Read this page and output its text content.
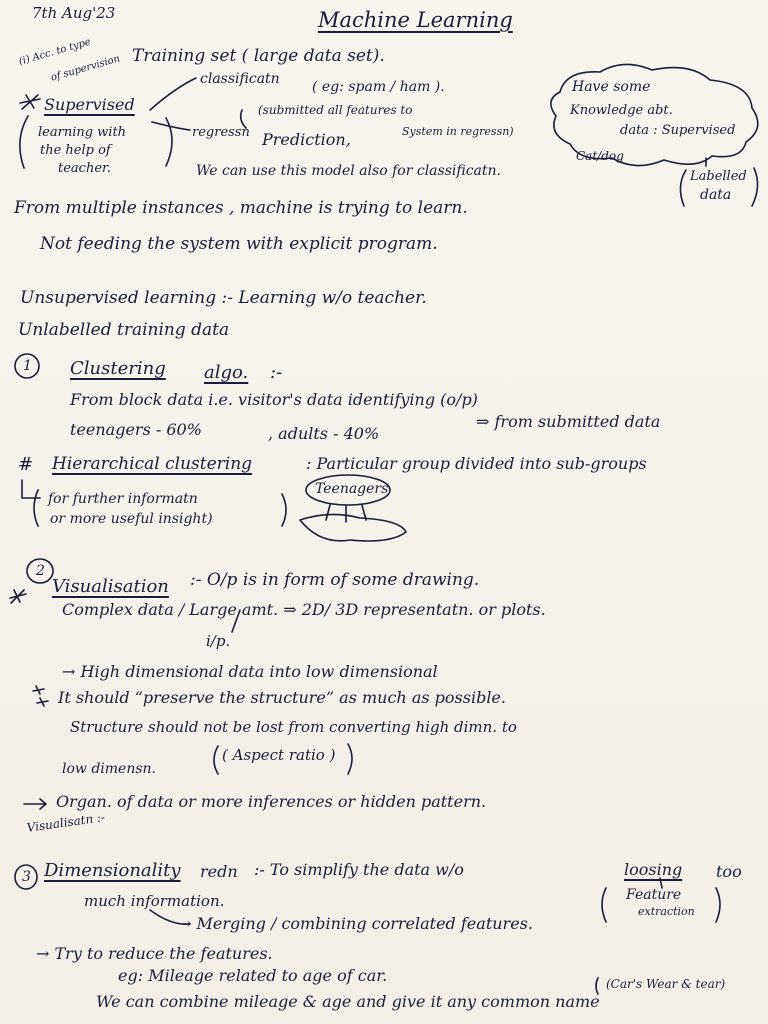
7th Aug'23	Machine Learning
(i) Acc. to type
of supervision Training set ( large data set).
classificatn ( eg: spam / ham ).
(submitted all features to
regressn Prediction,	System in regressn)
We can use this model also for classificatn.
Have some
Knowledge abt.
data : Supervised
Cat/dog
Labelled
data
Supervised
learning with
the help of
teacher.
From multiple instances , machine is trying to learn.
Not feeding the system with explicit program.
Unsupervised learning :- Learning w/o teacher.
Unlabelled training data
1 Clustering algo. :-
From block data i.e. visitor's data identifying (o/p)
teenagers - 60%	, adults - 40%
⇒ from submitted data
# Hierarchical clustering	: Particular group divided into sub-groups
for further informatn
or more useful insight)
Teenagers
2
Visualisation :- O/p is in form of some drawing.
Complex data / Large amt. ⇒ 2D/ 3D representatn. or plots.
i/p.
→ High dimensional data into low dimensional
It should “preserve the structure” as much as possible.
Structure should not be lost from converting high dimn. to
low dimensn.
( Aspect ratio )
Organ. of data or more inferences or hidden pattern.
Visualisatn :-
3 Dimensionality redn :- To simplify the data w/o	loosing too
much information.	Feature
extraction
→ Merging / combining correlated features.
→ Try to reduce the features.
eg: Mileage related to age of car.	(Car's Wear & tear)
We can combine mileage & age and give it any common name
